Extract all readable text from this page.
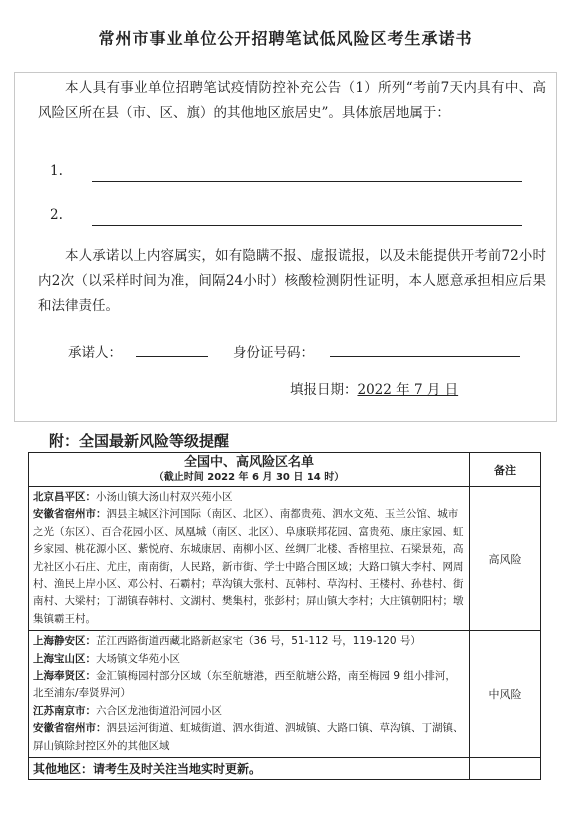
常州市事业单位公开招聘笔试低风险区考生承诺书

本人具有事业单位招聘笔试疫情防控补充公告（1）所列“考前7天内具有中、高风险区所在县（市、区、旗）的其他地区旅居史”。具体旅居地属于：

1.
2.

本人承诺以上内容属实，如有隐瞒不报、虚报谎报，以及未能提供开考前72小时内2次（以采样时间为准，间隔24小时）核酸检测阴性证明，本人愿意承担相应后果和法律责任。

承诺人：	身份证号码：
填报日期：2022 年 7 月 日
附：全国最新风险等级提醒
全国中、高风险区名单
（截止时间 2022 年 6 月 30 日 14 时）	备注

北京昌平区：小汤山镇大汤山村双兴苑小区

安徽省宿州市：泗县主城区汴河国际（南区、北区）、南都贵苑、泗水文苑、玉兰公馆、城市之光（东区）、百合花园小区、凤凰城（南区、北区）、阜康联邦花园、富贵苑、康庄家园、虹乡家园、桃花源小区、紫悦府、东城康居、南柳小区、丝绸厂北楼、香榕里拉、石梁景苑，高尤社区小石庄、尤庄，南南街，人民路，新市街、学士中路合围区域；大路口镇大李村、网周村、渔民上岸小区、邓公村、石霸村；草沟镇大张村、瓦韩村、草沟村、王楼村、孙巷村、街南村、大梁村；丁湖镇春韩村、文湖村、樊集村，张彭村；屏山镇大李村；大庄镇朝阳村；墩集镇霸王村。	高风险

上海静安区：芷江西路街道西藏北路新赵家宅（36 号，51-112 号，119-120 号）

上海宝山区：大场镇文华苑小区

上海奉贤区：金汇镇梅园村部分区域（东至航塘港，西至航塘公路，南至梅园 9 组小排河，北至浦东/奉贤界河）

江苏南京市：六合区龙池街道沿河园小区

安徽省宿州市：泗县运河街道、虹城街道、泗水街道、泗城镇、大路口镇、草沟镇、丁湖镇、屏山镇除封控区外的其他区域	中风险
其他地区：请考生及时关注当地实时更新。	
